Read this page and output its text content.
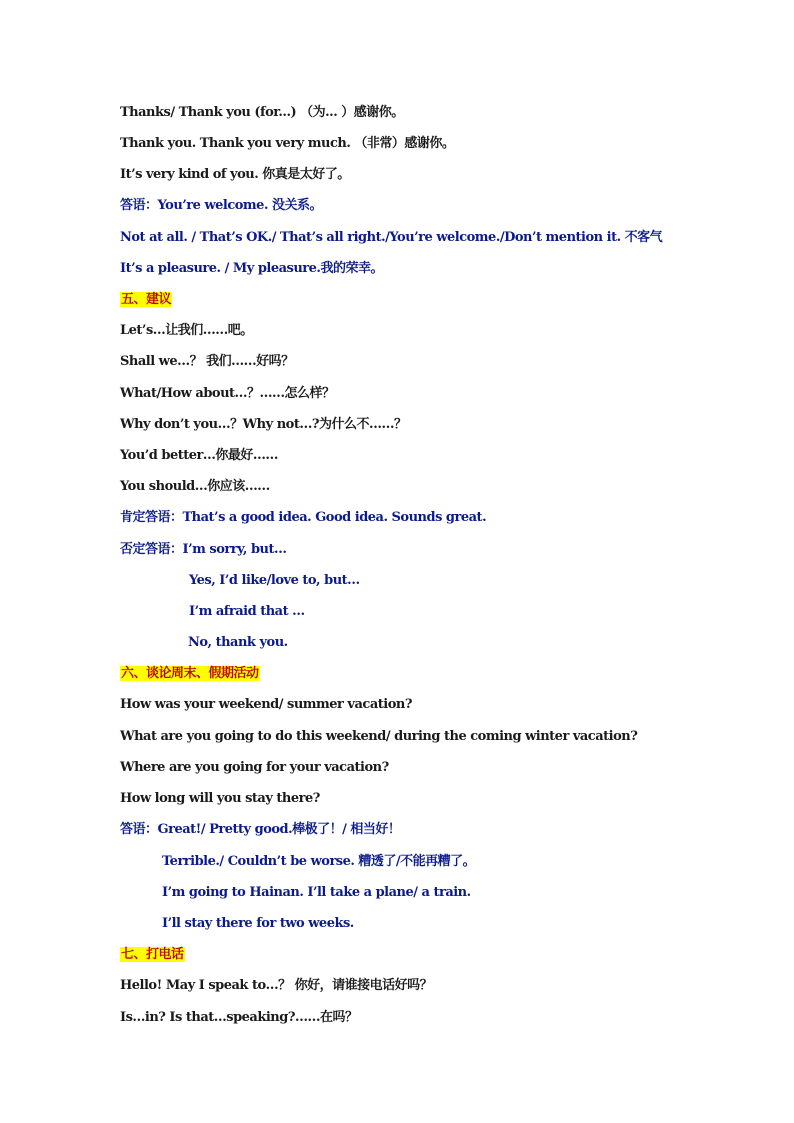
Thanks/ Thank you (for...) （为... ）感谢你。
Thank you. Thank you very much. （非常）感谢你。
It’s very kind of you. 你真是太好了。
答语：You’re welcome. 没关系。
Not at all. / That’s OK./ That’s all right./You’re welcome./Don’t mention it. 不客气
It’s a pleasure. / My pleasure.我的荣幸。
五、建议
Let’s…让我们……吧。
Shall we…？ 我们……好吗？
What/How about…？……怎么样？
Why don’t you…？Why not…?为什么不……？
You’d better…你最好……
You should…你应该……
肯定答语：That’s a good idea. Good idea. Sounds great.
否定答语：I’m sorry, but…
Yes, I’d like/love to, but…
I’m afraid that …
No, thank you.
六、谈论周末、假期活动
How was your weekend/ summer vacation?
What are you going to do this weekend/ during the coming winter vacation?
Where are you going for your vacation?
How long will you stay there?
答语：Great!/ Pretty good.棒极了！/ 相当好！
Terrible./ Couldn’t be worse. 糟透了/不能再糟了。
I’m going to Hainan. I’ll take a plane/ a train.
I’ll stay there for two weeks.
七、打电话
Hello! May I speak to…？ 你好，请谁接电话好吗？
Is…in? Is that…speaking?……在吗？
